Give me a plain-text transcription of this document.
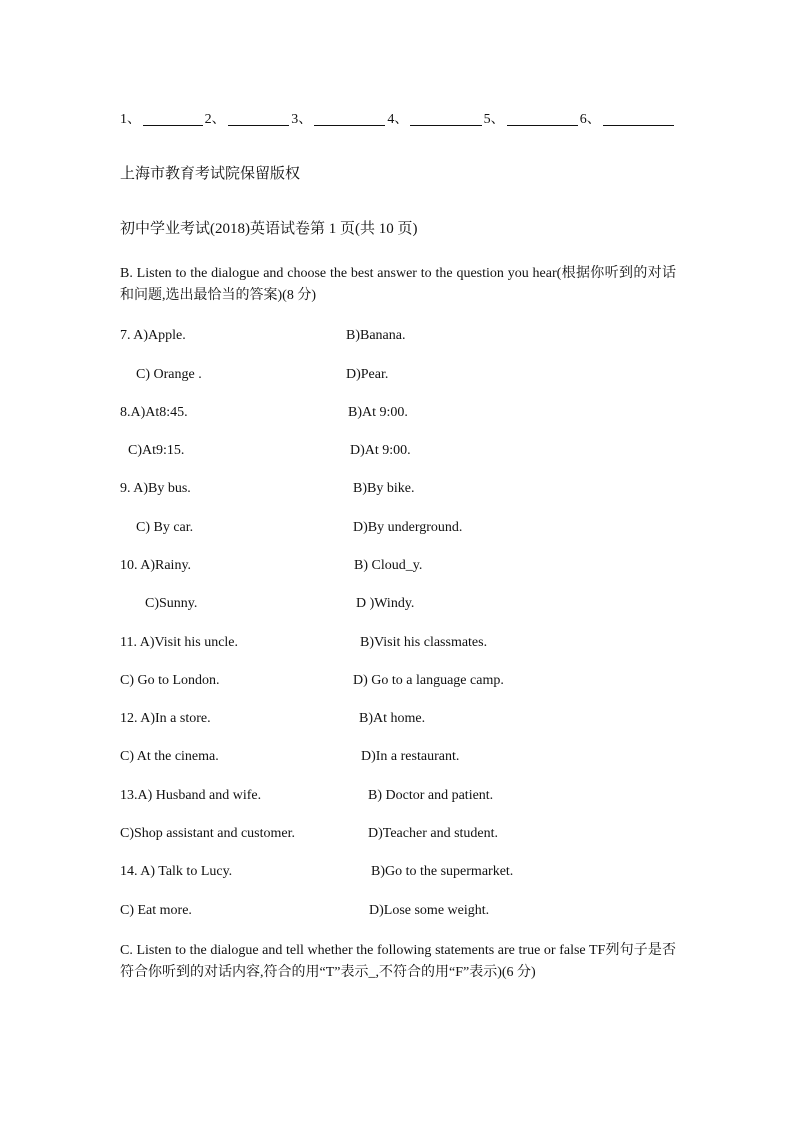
1、	2、	3、	4、	5、	6、
上海市教育考试院保留版权
初中学业考试(2018)英语试卷第 1 页(共 10 页)
B. Listen to the dialogue and choose the best answer to the question you hear(根据你听到的对话和问题,选出最恰当的答案)(8 分)
7. A)Apple.	B)Banana.
C) Orange .	D)Pear.
8.A)At8:45.	B)At 9:00.
C)At9:15.	D)At 9:00.
9. A)By bus.	B)By bike.
C) By car.	D)By underground.
10. A)Rainy.	B) Cloud_y.
C)Sunny.	D )Windy.
11. A)Visit his uncle.	B)Visit his classmates.
C) Go to London.	D) Go to a language camp.
12. A)In a store.	B)At home.
C) At the cinema.	D)In a restaurant.
13.A) Husband and wife.	B) Doctor and patient.
C)Shop assistant and customer.	D)Teacher and student.
14. A) Talk to Lucy.	B)Go to the supermarket.
C) Eat more.	D)Lose some weight.
C. Listen to the dialogue and tell whether the following statements are true or false TF列句子是否符合你听到的对话内容,符合的用“T”表示_,不符合的用“F”表示)(6 分)
